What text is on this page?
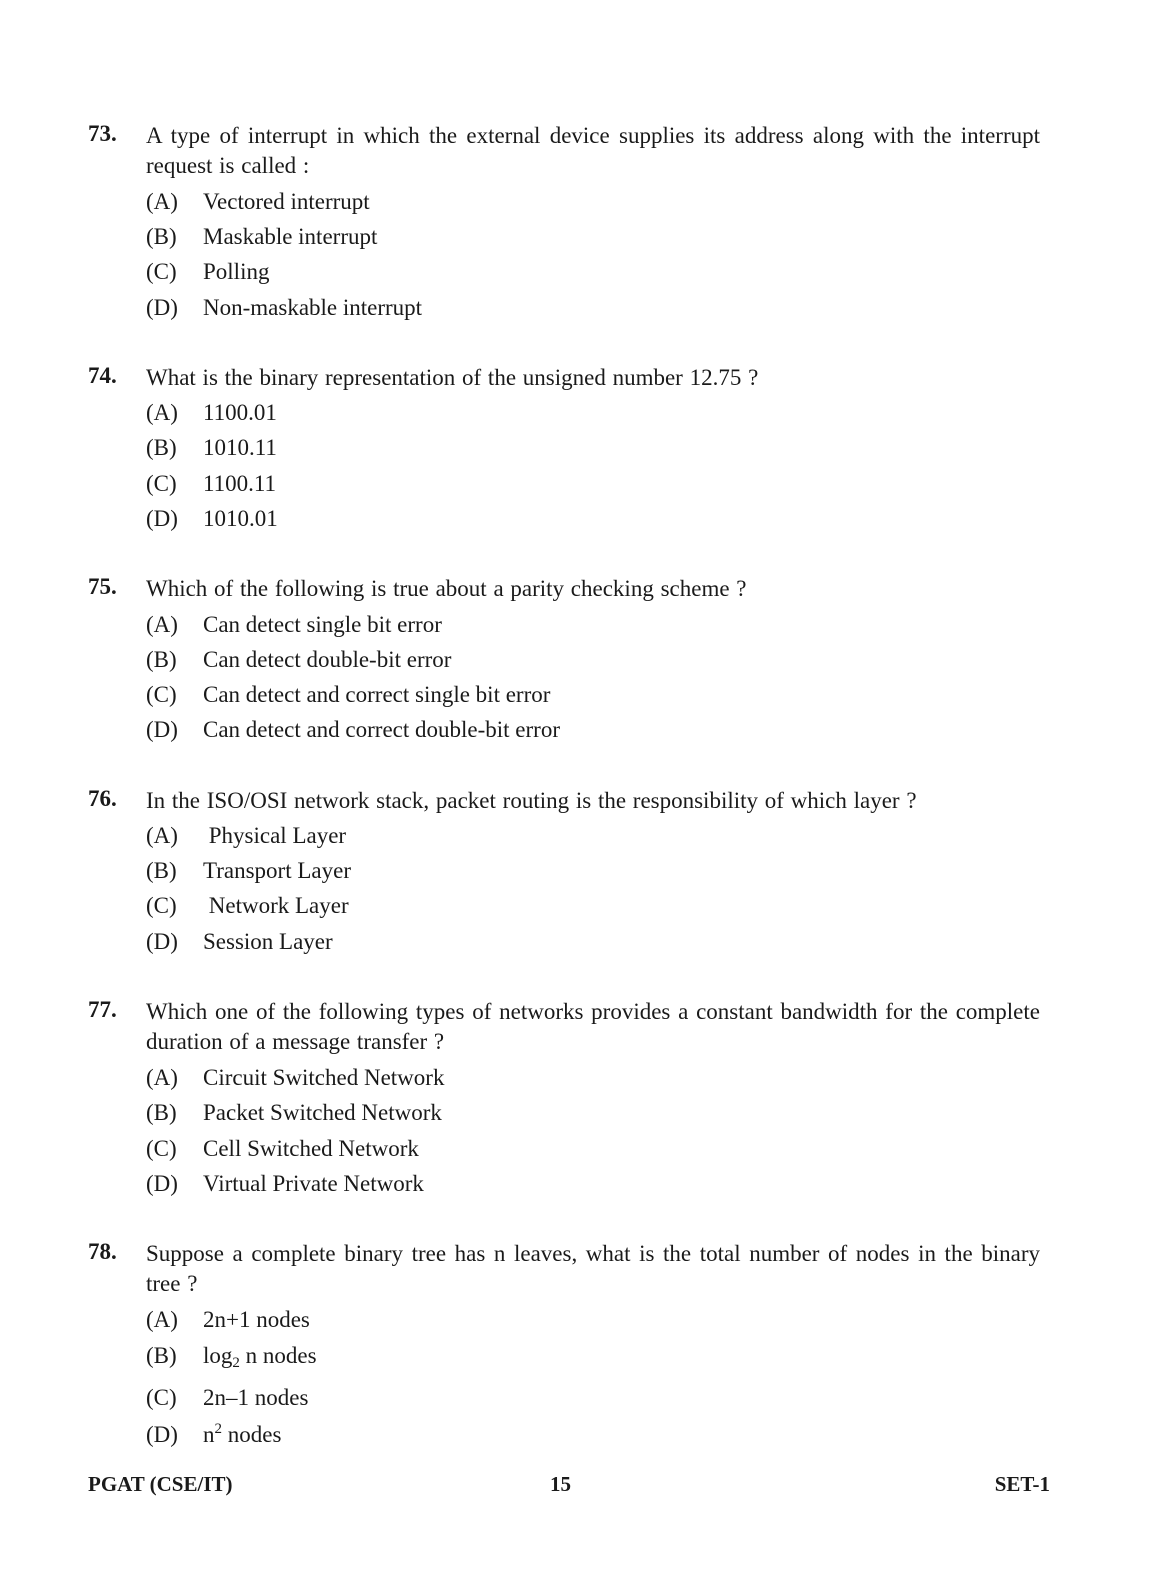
73. A type of interrupt in which the external device supplies its address along with the interrupt request is called :
(A) Vectored interrupt
(B) Maskable interrupt
(C) Polling
(D) Non-maskable interrupt
74. What is the binary representation of the unsigned number 12.75 ?
(A) 1100.01
(B) 1010.11
(C) 1100.11
(D) 1010.01
75. Which of the following is true about a parity checking scheme ?
(A) Can detect single bit error
(B) Can detect double-bit error
(C) Can detect and correct single bit error
(D) Can detect and correct double-bit error
76. In the ISO/OSI network stack, packet routing is the responsibility of which layer ?
(A) Physical Layer
(B) Transport Layer
(C) Network Layer
(D) Session Layer
77. Which one of the following types of networks provides a constant bandwidth for the complete duration of a message transfer ?
(A) Circuit Switched Network
(B) Packet Switched Network
(C) Cell Switched Network
(D) Virtual Private Network
78. Suppose a complete binary tree has n leaves, what is the total number of nodes in the binary tree ?
(A) 2n+1 nodes
(B) $\log_2 n$ nodes
(C) 2n–1 nodes
(D) $n^2$ nodes
PGAT (CSE/IT)	15	SET-1
